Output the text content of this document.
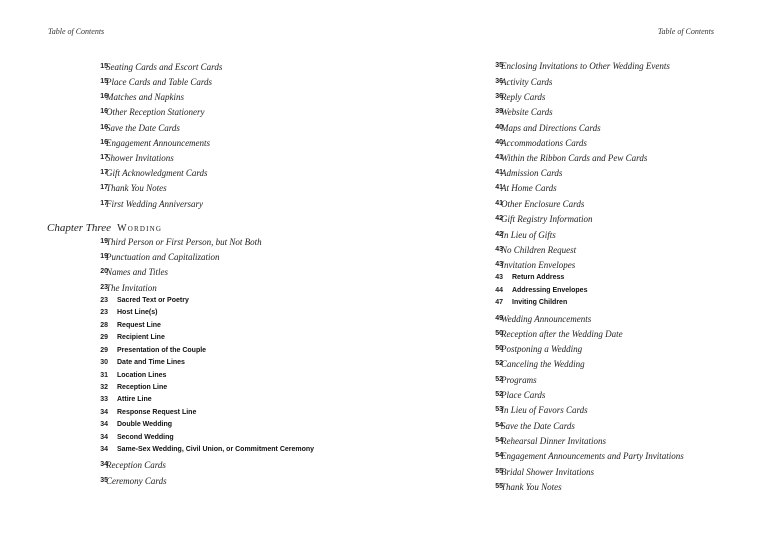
Table of Contents
15
Seating Cards and Escort Cards
15
Place Cards and Table Cards
16
Matches and Napkins
16
Other Reception Stationery
16
Save the Date Cards
16
Engagement Announcements
17
Shower Invitations
17
Gift Acknowledgment Cards
17
Thank You Notes
17
First Wedding Anniversary
Chapter Three Wording
19
Third Person or First Person, but Not Both
19
Punctuation and Capitalization
20
Names and Titles
23
The Invitation
23 Sacred Text or Poetry
23 Host Line(s)
28 Request Line
29 Recipient Line
29 Presentation of the Couple
30 Date and Time Lines
31 Location Lines
32 Reception Line
33 Attire Line
34 Response Request Line
34 Double Wedding
34 Second Wedding
34 Same-Sex Wedding, Civil Union, or Commitment Ceremony
34
Reception Cards
35
Ceremony Cards
Table of Contents
35
Enclosing Invitations to Other Wedding Events
36
Activity Cards
36
Reply Cards
39
Website Cards
40
Maps and Directions Cards
40
Accommodations Cards
41
Within the Ribbon Cards and Pew Cards
41
Admission Cards
41
At Home Cards
41
Other Enclosure Cards
42
Gift Registry Information
42
In Lieu of Gifts
43
No Children Request
43
Invitation Envelopes
43 Return Address
44 Addressing Envelopes
47 Inviting Children
49
Wedding Announcements
50
Reception after the Wedding Date
50
Postponing a Wedding
52
Canceling the Wedding
52
Programs
52
Place Cards
53
In Lieu of Favors Cards
54
Save the Date Cards
54
Rehearsal Dinner Invitations
54
Engagement Announcements and Party Invitations
55
Bridal Shower Invitations
55
Thank You Notes
